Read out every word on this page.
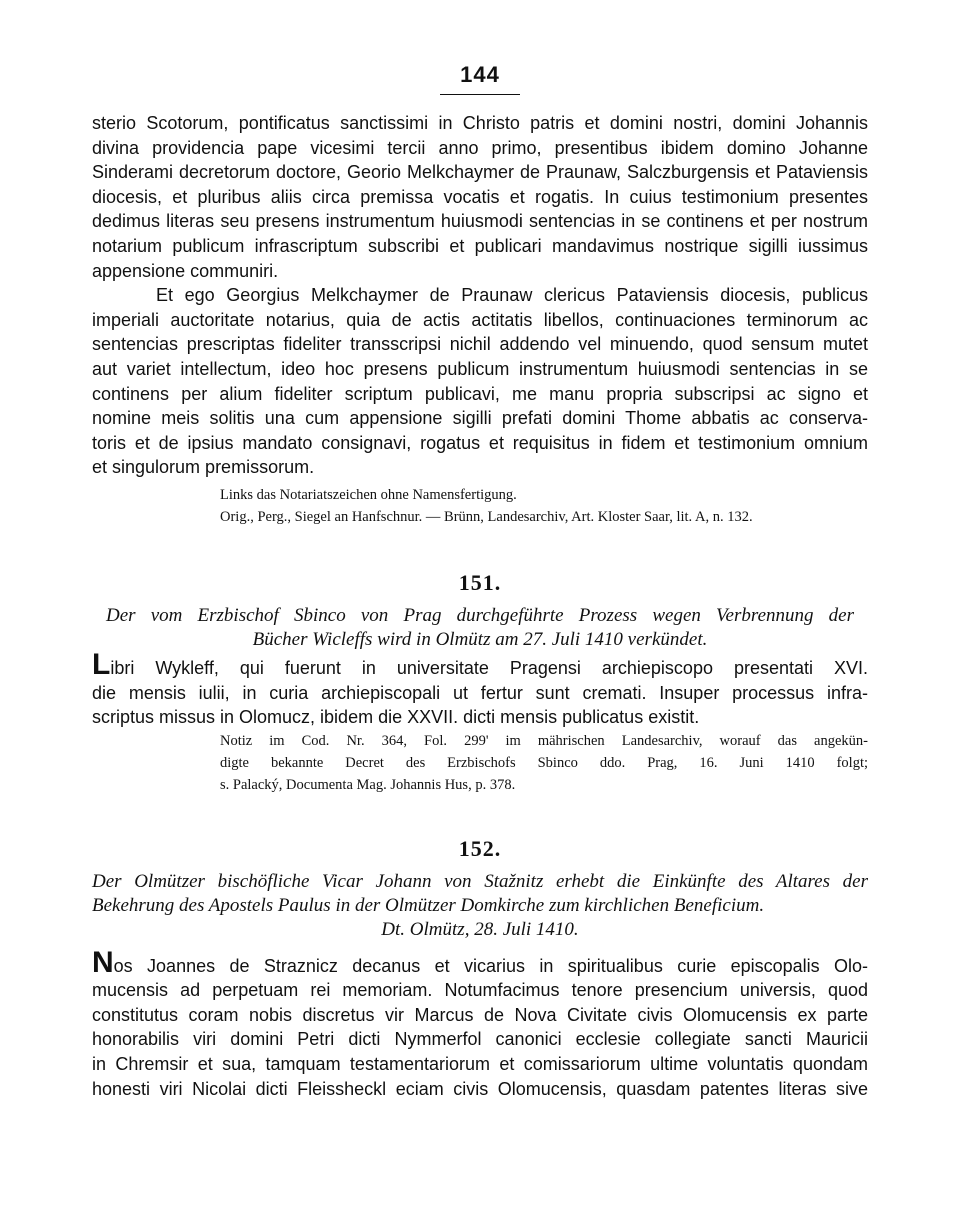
144
sterio Scotorum, pontificatus sanctissimi in Christo patris et domini nostri, domini Johannis
divina providencia pape vicesimi tercii anno primo, presentibus ibidem domino Johanne
Sinderami decretorum doctore, Georio Melkchaymer de Praunaw, Salczburgensis et Pataviensis
diocesis, et pluribus aliis circa premissa vocatis et rogatis. In cuius testimonium presentes
dedimus literas seu presens instrumentum huiusmodi sentencias in se continens et per nostrum
notarium publicum infrascriptum subscribi et publicari mandavimus nostrique sigilli iussimus
appensione communiri.
Et ego Georgius Melkchaymer de Praunaw clericus Pataviensis diocesis, publicus
imperiali auctoritate notarius, quia de actis actitatis libellos, continuaciones terminorum ac
sentencias prescriptas fideliter transscripsi nichil addendo vel minuendo, quod sensum mutet
aut variet intellectum, ideo hoc presens publicum instrumentum huiusmodi sentencias in se
continens per alium fideliter scriptum publicavi, me manu propria subscripsi ac signo et
nomine meis solitis una cum appensione sigilli prefati domini Thome abbatis ac conserva-
toris et de ipsius mandato consignavi, rogatus et requisitus in fidem et testimonium omnium
et singulorum premissorum.
Links das Notariatszeichen ohne Namensfertigung.
Orig., Perg., Siegel an Hanfschnur. — Brünn, Landesarchiv, Art. Kloster Saar, lit. A, n. 132.
151.
Der vom Erzbischof Sbinco von Prag durchgeführte Prozess wegen Verbrennung der
Bücher Wicleffs wird in Olmütz am 27. Juli 1410 verkündet.
Libri Wykleff, qui fuerunt in universitate Pragensi archiepiscopo presentati XVI.
die mensis iulii, in curia archiepiscopali ut fertur sunt cremati. Insuper processus infra-
scriptus missus in Olomucz, ibidem die XXVII. dicti mensis publicatus existit.
Notiz im Cod. Nr. 364, Fol. 299' im mährischen Landesarchiv, worauf das angekün-
digte bekannte Decret des Erzbischofs Sbinco ddo. Prag, 16. Juni 1410 folgt;
s. Palacký, Documenta Mag. Johannis Hus, p. 378.
152.
Der Olmützer bischöfliche Vicar Johann von Stažnitz erhebt die Einkünfte des Altares der
Bekehrung des Apostels Paulus in der Olmützer Domkirche zum kirchlichen Beneficium.
Dt. Olmütz, 28. Juli 1410.
Nos Joannes de Straznicz decanus et vicarius in spiritualibus curie episcopalis Olo-
mucensis ad perpetuam rei memoriam. Notumfacimus tenore presencium universis, quod
constitutus coram nobis discretus vir Marcus de Nova Civitate civis Olomucensis ex parte
honorabilis viri domini Petri dicti Nymmerfol canonici ecclesie collegiate sancti Mauricii
in Chremsir et sua, tamquam testamentariorum et comissariorum ultime voluntatis quondam
honesti viri Nicolai dicti Fleissheckl eciam civis Olomucensis, quasdam patentes literas sive
